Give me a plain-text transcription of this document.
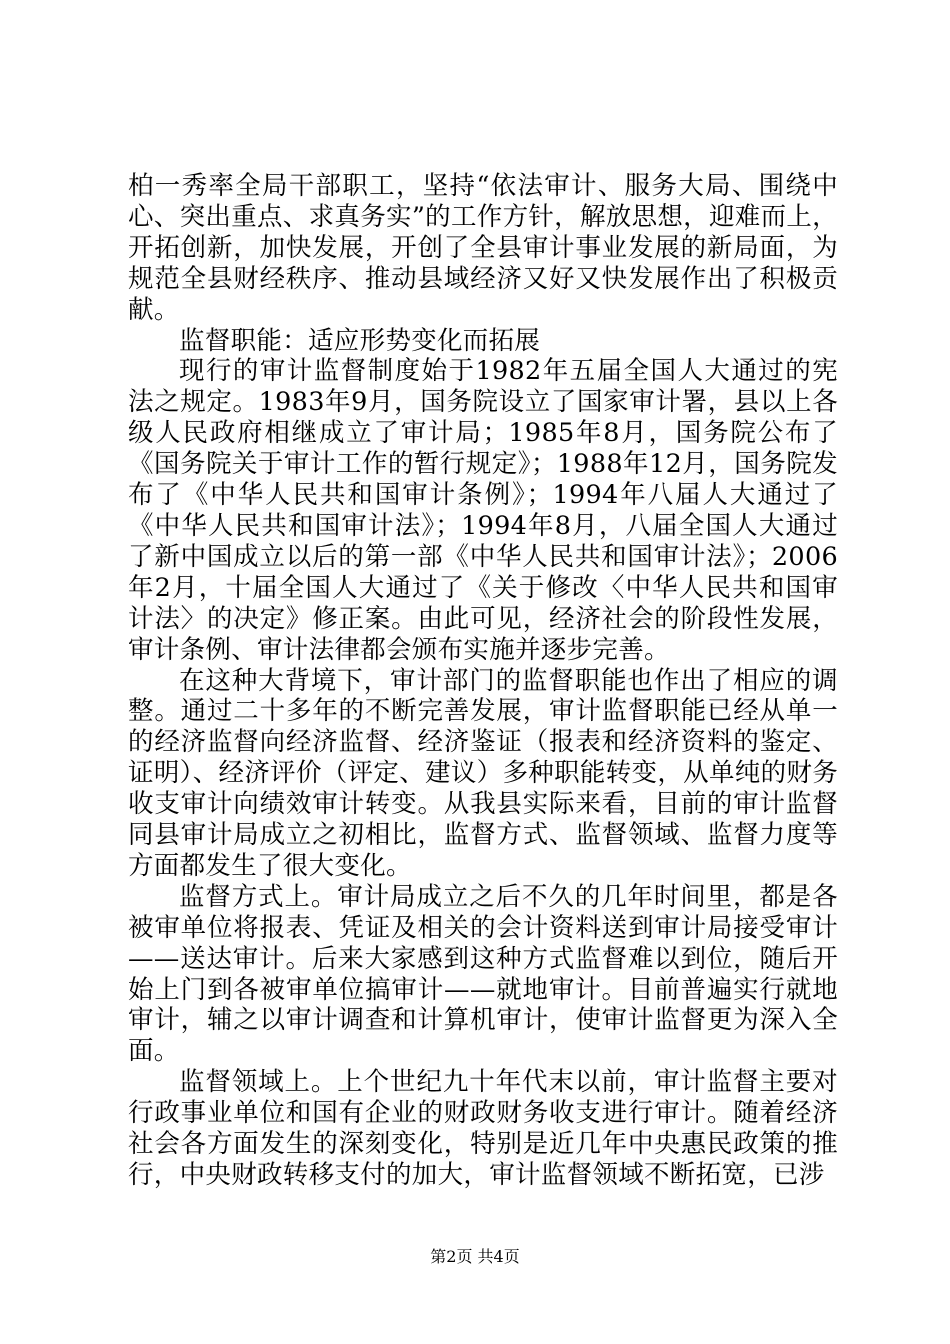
柏一秀率全局干部职工，坚持“依法审计、服务大局、围绕中心、突出重点、求真务实”的工作方针，解放思想，迎难而上，开拓创新，加快发展，开创了全县审计事业发展的新局面，为规范全县财经秩序、推动县域经济又好又快发展作出了积极贡献。

监督职能：适应形势变化而拓展

现行的审计监督制度始于1982年五届全国人大通过的宪法之规定。1983年9月，国务院设立了国家审计署，县以上各级人民政府相继成立了审计局；1985年8月，国务院公布了《国务院关于审计工作的暂行规定》；1988年12月，国务院发布了《中华人民共和国审计条例》；1994年八届人大通过了《中华人民共和国审计法》；1994年8月，八届全国人大通过了新中国成立以后的第一部《中华人民共和国审计法》；2006年2月，十届全国人大通过了《关于修改〈中华人民共和国审计法〉的决定》修正案。由此可见，经济社会的阶段性发展，审计条例、审计法律都会颁布实施并逐步完善。

在这种大背境下，审计部门的监督职能也作出了相应的调整。通过二十多年的不断完善发展，审计监督职能已经从单一的经济监督向经济监督、经济鉴证（报表和经济资料的鉴定、证明）、经济评价（评定、建议）多种职能转变，从单纯的财务收支审计向绩效审计转变。从我县实际来看，目前的审计监督同县审计局成立之初相比，监督方式、监督领域、监督力度等方面都发生了很大变化。

监督方式上。审计局成立之后不久的几年时间里，都是各被审单位将报表、凭证及相关的会计资料送到审计局接受审计——送达审计。后来大家感到这种方式监督难以到位，随后开始上门到各被审单位搞审计——就地审计。目前普遍实行就地审计，辅之以审计调查和计算机审计，使审计监督更为深入全面。

监督领域上。上个世纪九十年代末以前，审计监督主要对行政事业单位和国有企业的财政财务收支进行审计。随着经济社会各方面发生的深刻变化，特别是近几年中央惠民政策的推行，中央财政转移支付的加大，审计监督领域不断拓宽，已涉

第2页 共4页
